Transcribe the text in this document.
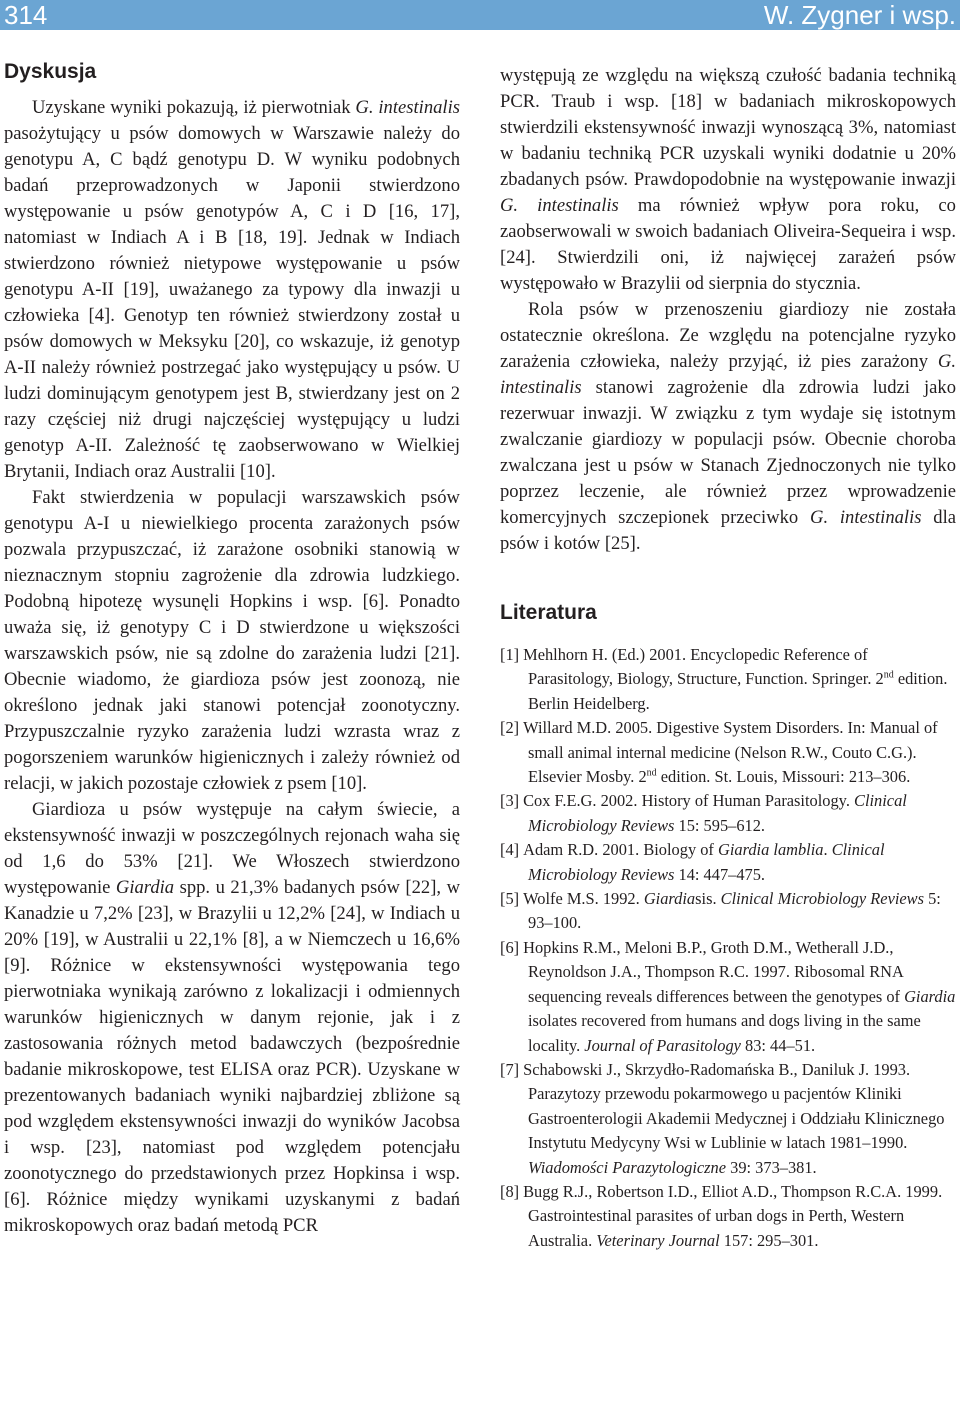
314	W. Zygner i wsp.
Dyskusja

Uzyskane wyniki pokazują, iż pierwotniak G. intestinalis pasożytujący u psów domowych w Warszawie należy do genotypu A, C bądź genotypu D. W wyniku podobnych badań przeprowadzonych w Japonii stwierdzono występowanie u psów genotypów A, C i D [16, 17], natomiast w Indiach A i B [18, 19]. Jednak w Indiach stwierdzono również nietypowe występowanie u psów genotypu A-II [19], uważanego za typowy dla inwazji u człowieka [4]. Genotyp ten również stwierdzony został u psów domowych w Meksyku [20], co wskazuje, iż genotyp A-II należy również postrzegać jako występujący u psów. U ludzi dominującym genotypem jest B, stwierdzany jest on 2 razy częściej niż drugi najczęściej występujący u ludzi genotyp A-II. Zależność tę zaobserwowano w Wielkiej Brytanii, Indiach oraz Australii [10].

Fakt stwierdzenia w populacji warszawskich psów genotypu A-I u niewielkiego procenta zarażonych psów pozwala przypuszczać, iż zarażone osobniki stanowią w nieznacznym stopniu zagrożenie dla zdrowia ludzkiego. Podobną hipotezę wysunęli Hopkins i wsp. [6]. Ponadto uważa się, iż genotypy C i D stwierdzone u większości warszawskich psów, nie są zdolne do zarażenia ludzi [21]. Obecnie wiadomo, że giardioza psów jest zoonozą, nie określono jednak jaki stanowi potencjał zoonotyczny. Przypuszczalnie ryzyko zarażenia ludzi wzrasta wraz z pogorszeniem warunków higienicznych i zależy również od relacji, w jakich pozostaje człowiek z psem [10].

Giardioza u psów występuje na całym świecie, a ekstensywność inwazji w poszczególnych rejonach waha się od 1,6 do 53% [21]. We Włoszech stwierdzono występowanie Giardia spp. u 21,3% badanych psów [22], w Kanadzie u 7,2% [23], w Brazylii u 12,2% [24], w Indiach u 20% [19], w Australii u 22,1% [8], a w Niemczech u 16,6% [9]. Różnice w ekstensywności występowania tego pierwotniaka wynikają zarówno z lokalizacji i odmiennych warunków higienicznych w danym rejonie, jak i z zastosowania różnych metod badawczych (bezpośrednie badanie mikroskopowe, test ELISA oraz PCR). Uzyskane w prezentowanych badaniach wyniki najbardziej zbliżone są pod względem ekstensywności inwazji do wyników Jacobsa i wsp. [23], natomiast pod względem potencjału zoonotycznego do przedstawionych przez Hopkinsa i wsp. [6]. Różnice między wynikami uzyskanymi z badań mikroskopowych oraz badań metodą PCR

występują ze względu na większą czułość badania techniką PCR. Traub i wsp. [18] w badaniach mikroskopowych stwierdzili ekstensywność inwazji wynoszącą 3%, natomiast w badaniu techniką PCR uzyskali wyniki dodatnie u 20% zbadanych psów. Prawdopodobnie na występowanie inwazji G. intestinalis ma również wpływ pora roku, co zaobserwowali w swoich badaniach Oliveira-Sequeira i wsp. [24]. Stwierdzili oni, iż najwięcej zarażeń psów występowało w Brazylii od sierpnia do stycznia.

Rola psów w przenoszeniu giardiozy nie została ostatecznie określona. Ze względu na potencjalne ryzyko zarażenia człowieka, należy przyjąć, iż pies zarażony G. intestinalis stanowi zagrożenie dla zdrowia ludzi jako rezerwuar inwazji. W związku z tym wydaje się istotnym zwalczanie giardiozy w populacji psów. Obecnie choroba zwalczana jest u psów w Stanach Zjednoczonych nie tylko poprzez leczenie, ale również przez wprowadzenie komercyjnych szczepionek przeciwko G. intestinalis dla psów i kotów [25].

Literatura
[1] Mehlhorn H. (Ed.) 2001. Encyclopedic Reference of Parasitology, Biology, Structure, Function. Springer. 2nd edition. Berlin Heidelberg.
[2] Willard M.D. 2005. Digestive System Disorders. In: Manual of small animal internal medicine (Nelson R.W., Couto C.G.). Elsevier Mosby. 2nd edition. St. Louis, Missouri: 213–306.
[3] Cox F.E.G. 2002. History of Human Parasitology. Clinical Microbiology Reviews 15: 595–612.
[4] Adam R.D. 2001. Biology of Giardia lamblia. Clinical Microbiology Reviews 14: 447–475.
[5] Wolfe M.S. 1992. Giardiasis. Clinical Microbiology Reviews 5: 93–100.
[6] Hopkins R.M., Meloni B.P., Groth D.M., Wetherall J.D., Reynoldson J.A., Thompson R.C. 1997. Ribosomal RNA sequencing reveals differences between the genotypes of Giardia isolates recovered from humans and dogs living in the same locality. Journal of Parasitology 83: 44–51.
[7] Schabowski J., Skrzydło-Radomańska B., Daniluk J. 1993. Parazytozy przewodu pokarmowego u pacjentów Kliniki Gastroenterologii Akademii Medycznej i Oddziału Klinicznego Instytutu Medycyny Wsi w Lublinie w latach 1981–1990. Wiadomości Parazytologiczne 39: 373–381.
[8] Bugg R.J., Robertson I.D., Elliot A.D., Thompson R.C.A. 1999. Gastrointestinal parasites of urban dogs in Perth, Western Australia. Veterinary Journal 157: 295–301.
